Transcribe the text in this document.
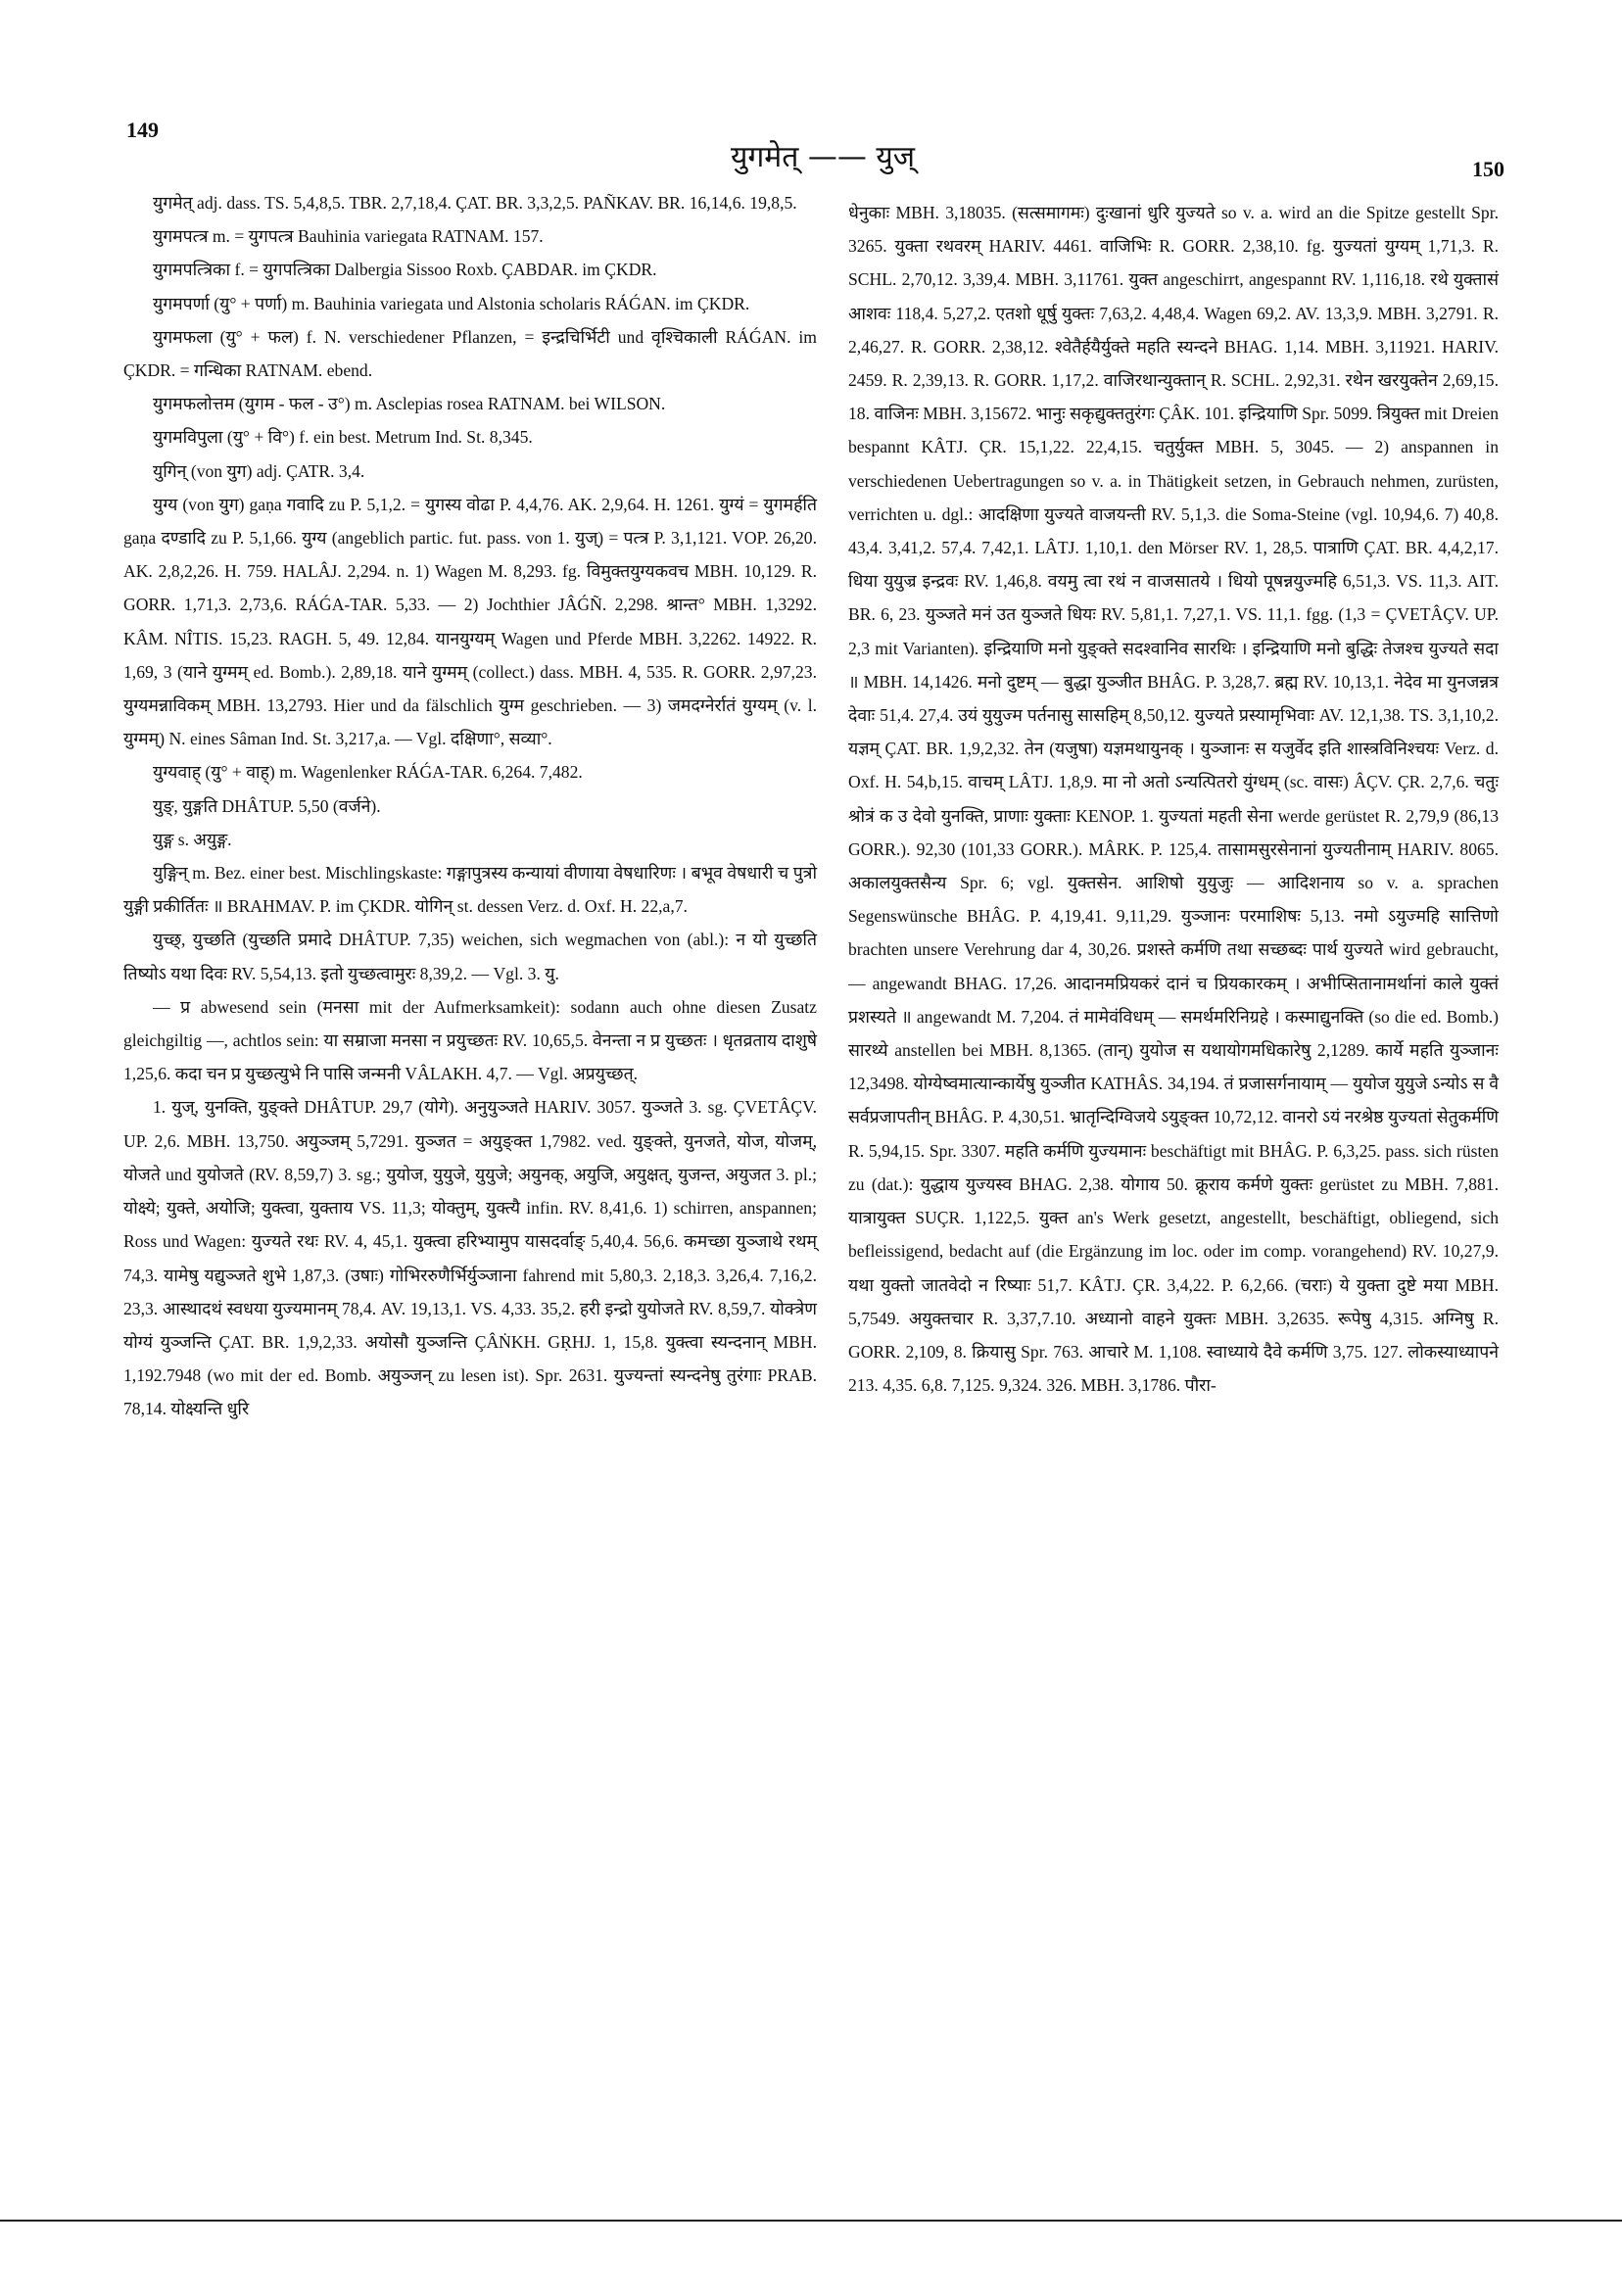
149
युगमेत् —— युज्	150

युगमेत् adj. dass. TS. 5,4,8,5. TBR. 2,7,18,4. ÇAT. BR. 3,3,2,5. PAÑKAV. BR. 16,14,6. 19,8,5.

युगमपत्त्र m. = युगपत्त्र Bauhinia variegata RATNAM. 157.

युगमपत्त्रिका f. = युगपत्त्रिका Dalbergia Sissoo Roxb. ÇABDAR. im ÇKDR.

युगमपर्णा (यु° + पर्णा) m. Bauhinia variegata und Alstonia scholaris RÁǴAN. im ÇKDR.

युगमफला (यु° + फल) f. N. verschiedener Pflanzen, = इन्द्रचिर्भिटी und वृश्चिकाली RÁǴAN. im ÇKDR. = गन्धिका RATNAM. ebend.

युगमफलोत्तम (युगम - फल - उ°) m. Asclepias rosea RATNAM. bei WILSON.

युगमविपुला (यु° + वि°) f. ein best. Metrum Ind. St. 8,345.

युगिन् (von युग) adj. ÇATR. 3,4.

युग्य (von युग) gaṇa गवादि zu P. 5,1,2. = युगस्य वोढा P. 4,4,76. AK. 2,9,64. H. 1261. युग्यं = युगमर्हति gaṇa दण्डादि zu P. 5,1,66. युग्य (angeblich partic. fut. pass. von 1. युज्) = पत्त्र P. 3,1,121. VOP. 26,20. AK. 2,8,2,26. H. 759. HALÂJ. 2,294. n. 1) Wagen M. 8,293. fg. विमुक्तयुग्यकवच MBH. 10,129. R. GORR. 1,71,3. 2,73,6. RÁǴA-TAR. 5,33. — 2) Jochthier JÂǴÑ. 2,298. श्रान्त° MBH. 1,3292. KÂM. NÎTIS. 15,23. RAGH. 5, 49. 12,84. यानयुग्यम् Wagen und Pferde MBH. 3,2262. 14922. R. 1,69, 3 (याने युग्मम् ed. Bomb.). 2,89,18. याने युग्मम् (collect.) dass. MBH. 4, 535. R. GORR. 2,97,23. युग्यमन्नाविकम् MBH. 13,2793. Hier und da fälschlich युग्म geschrieben. — 3) जमदग्नेर्रातं युग्यम् (v. l. युग्मम्) N. eines Sâman Ind. St. 3,217,a. — Vgl. दक्षिणा°, सव्या°.

युग्यवाह् (यु° + वाह्) m. Wagenlenker RÁǴA-TAR. 6,264. 7,482.

युङ्, युङ्गति DHÂTUP. 5,50 (वर्जने).

युङ्ग s. अयुङ्ग.

युङ्गिन् m. Bez. einer best. Mischlingskaste: गङ्गापुत्रस्य कन्यायां वीणाया वेषधारिणः । बभूव वेषधारी च पुत्रो युङ्गी प्रकीर्तितः ॥ BRAHMAV. P. im ÇKDR. योगिन् st. dessen Verz. d. Oxf. H. 22,a,7.

युच्छ्, युच्छति (युच्छति प्रमादे DHÂTUP. 7,35) weichen, sich wegmachen von (abl.): न यो युच्छति तिष्योऽ यथा दिवः RV. 5,54,13. इतो युच्छत्वामुरः 8,39,2. — Vgl. 3. यु.

— प्र abwesend sein (मनसा mit der Aufmerksamkeit): sodann auch ohne diesen Zusatz gleichgiltig —, achtlos sein: या सम्राजा मनसा न प्रयुच्छतः RV. 10,65,5. वेनन्ता न प्र युच्छतः । धृतव्रताय दाशुषे 1,25,6. कदा चन प्र युच्छत्युभे नि पासि जन्मनी VÂLAKH. 4,7. — Vgl. अप्रयुच्छत्.

1. युज्, युनक्ति, युङ्क्ते DHÂTUP. 29,7 (योगे). अनुयुञ्जते HARIV. 3057. युञ्जते 3. sg. ÇVETÂÇV. UP. 2,6. MBH. 13,750. अयुञ्जम् 5,7291. युञ्जत = अयुङ्क्त 1,7982. ved. युङ्क्ते, युनजते, योज, योजम्, योजते und युयोजते (RV. 8,59,7) 3. sg.; युयोज, युयुजे, युयुजे; अयुनक्, अयुजि, अयुक्षत्, युजन्त, अयुजत 3. pl.; योक्ष्ये; युक्ते, अयोजि; युक्त्वा, युक्ताय VS. 11,3; योक्तुम्, युक्त्यै infin. RV. 8,41,6. 1) schirren, anspannen; Ross und Wagen: युज्यते रथः RV. 4, 45,1. युक्त्वा हरिभ्यामुप यासदर्वाङ् 5,40,4. 56,6. कमच्छा युञ्जाथे रथम् 74,3. यामेषु यद्युञ्जते शुभे 1,87,3. (उषाः) गोभिररुणैर्भिर्युञ्जाना fahrend mit 5,80,3. 2,18,3. 3,26,4. 7,16,2. 23,3. आस्थादथं स्वधया युज्यमानम् 78,4. AV. 19,13,1. VS. 4,33. 35,2. हरी इन्द्रो युयोजते RV. 8,59,7. योक्त्रेण योग्यं युञ्जन्ति ÇAT. BR. 1,9,2,33. अयोसौ युञ्जन्ति ÇÂṄKH. GṚHJ. 1, 15,8. युक्त्वा स्यन्दनान् MBH. 1,192.7948 (wo mit der ed. Bomb. अयुञ्जन् zu lesen ist). Spr. 2631. युज्यन्तां स्यन्दनेषु तुरंगाः PRAB. 78,14. योक्ष्यन्ति धुरि

धेनुकाः MBH. 3,18035. (सत्समागमः) दुःखानां धुरि युज्यते so v. a. wird an die Spitze gestellt Spr. 3265. युक्ता रथवरम् HARIV. 4461. वाजिभिः R. GORR. 2,38,10. fg. युज्यतां युग्यम् 1,71,3. R. SCHL. 2,70,12. 3,39,4. MBH. 3,11761. युक्त angeschirrt, angespannt RV. 1,116,18. रथे युक्तासं आशवः 118,4. 5,27,2. एतशो धूर्षु युक्तः 7,63,2. 4,48,4. Wagen 69,2. AV. 13,3,9. MBH. 3,2791. R. 2,46,27. R. GORR. 2,38,12. श्वेतैर्हयैर्युक्ते महति स्यन्दने BHAG. 1,14. MBH. 3,11921. HARIV. 2459. R. 2,39,13. R. GORR. 1,17,2. वाजिरथान्युक्तान् R. SCHL. 2,92,31. रथेन खरयुक्तेन 2,69,15. 18. वाजिनः MBH. 3,15672. भानुः सकृद्युक्ततुरंगः ÇÂK. 101. इन्द्रियाणि Spr. 5099. त्रियुक्त mit Dreien bespannt KÂTJ. ÇR. 15,1,22. 22,4,15. चतुर्युक्त MBH. 5, 3045. — 2) anspannen in verschiedenen Uebertragungen so v. a. in Thätigkeit setzen, in Gebrauch nehmen, zurüsten, verrichten u. dgl.: आदक्षिणा युज्यते वाजयन्ती RV. 5,1,3. die Soma-Steine (vgl. 10,94,6. 7) 40,8. 43,4. 3,41,2. 57,4. 7,42,1. LÂTJ. 1,10,1. den Mörser RV. 1, 28,5. पात्राणि ÇAT. BR. 4,4,2,17. धिया युयुज्र इन्द्रवः RV. 1,46,8. वयमु त्वा रथं न वाजसातये । धियो पूषन्नयुज्महि 6,51,3. VS. 11,3. AIT. BR. 6, 23. युञ्जते मनं उत युञ्जते धियः RV. 5,81,1. 7,27,1. VS. 11,1. fgg. (1,3 = ÇVETÂÇV. UP. 2,3 mit Varianten). इन्द्रियाणि मनो युङ्क्ते सदश्वानिव सारथिः । इन्द्रियाणि मनो बुद्धिः तेजश्च युज्यते सदा ॥ MBH. 14,1426. मनो दुष्टम् — बुद्धा युञ्जीत BHÂG. P. 3,28,7. ब्रह्म RV. 10,13,1. नेदेव मा युनजन्नत्र देवाः 51,4. 27,4. उयं युयुज्म पर्तनासु सासहिम् 8,50,12. युज्यते प्रस्यामृभिवाः AV. 12,1,38. TS. 3,1,10,2. यज्ञम् ÇAT. BR. 1,9,2,32. तेन (यजुषा) यज्ञमथायुनक् । युञ्जानः स यजुर्वेद इति शास्त्रविनिश्चयः Verz. d. Oxf. H. 54,b,15. वाचम् LÂTJ. 1,8,9. मा नो अतो ऽन्यत्पितरो युंग्धम् (sc. वासः) ÂÇV. ÇR. 2,7,6. चतुः श्रोत्रं क उ देवो युनक्ति, प्राणाः युक्ताः KENOP. 1. युज्यतां महती सेना werde gerüstet R. 2,79,9 (86,13 GORR.). 92,30 (101,33 GORR.). MÂRK. P. 125,4. तासामसुरसेनानां युज्यतीनाम् HARIV. 8065. अकालयुक्तसैन्य Spr. 6; vgl. युक्तसेन. आशिषो युयुजुः — आदिशनाय so v. a. sprachen Segenswünsche BHÂG. P. 4,19,41. 9,11,29. युञ्जानः परमाशिषः 5,13. नमो ऽयुज्महि सात्तिणो brachten unsere Verehrung dar 4, 30,26. प्रशस्ते कर्मणि तथा सच्छब्दः पार्थ युज्यते wird gebraucht, — angewandt BHAG. 17,26. आदानमप्रियकरं दानं च प्रियकारकम् । अभीप्सितानामर्थानां काले युक्तं प्रशस्यते ॥ angewandt M. 7,204. तं मामेवंविधम् — समर्थमरिनिग्रहे । कस्माद्युनक्ति (so die ed. Bomb.) सारथ्ये anstellen bei MBH. 8,1365. (तान्) युयोज स यथायोगमधिकारेषु 2,1289. कार्ये महति युञ्जानः 12,3498. योग्येष्वमात्यान्कार्येषु युञ्जीत KATHÂS. 34,194. तं प्रजासर्गनायाम् — युयोज युयुजे ऽन्योऽ स वै सर्वप्रजापतीन् BHÂG. P. 4,30,51. भ्रातृन्दिग्विजये ऽयुङ्क्त 10,72,12. वानरो ऽयं नरश्रेष्ठ युज्यतां सेतुकर्मणि R. 5,94,15. Spr. 3307. महति कर्मणि युज्यमानः beschäftigt mit BHÂG. P. 6,3,25. pass. sich rüsten zu (dat.): युद्धाय युज्यस्व BHAG. 2,38. योगाय 50. क्रूराय कर्मणे युक्तः gerüstet zu MBH. 7,881. यात्रायुक्त SUÇR. 1,122,5. युक्त an's Werk gesetzt, angestellt, beschäftigt, obliegend, sich befleissigend, bedacht auf (die Ergänzung im loc. oder im comp. vorangehend) RV. 10,27,9. यथा युक्तो जातवेदो न रिष्याः 51,7. KÂTJ. ÇR. 3,4,22. P. 6,2,66. (चराः) ये युक्ता दुष्टे मया MBH. 5,7549. अयुक्तचार R. 3,37,7.10. अध्यानो वाहने युक्तः MBH. 3,2635. रूपेषु 4,315. अग्निषु R. GORR. 2,109, 8. क्रियासु Spr. 763. आचारे M. 1,108. स्वाध्याये दैवे कर्मणि 3,75. 127. लोकस्याध्यापने 213. 4,35. 6,8. 7,125. 9,324. 326. MBH. 3,1786. पौरा-
